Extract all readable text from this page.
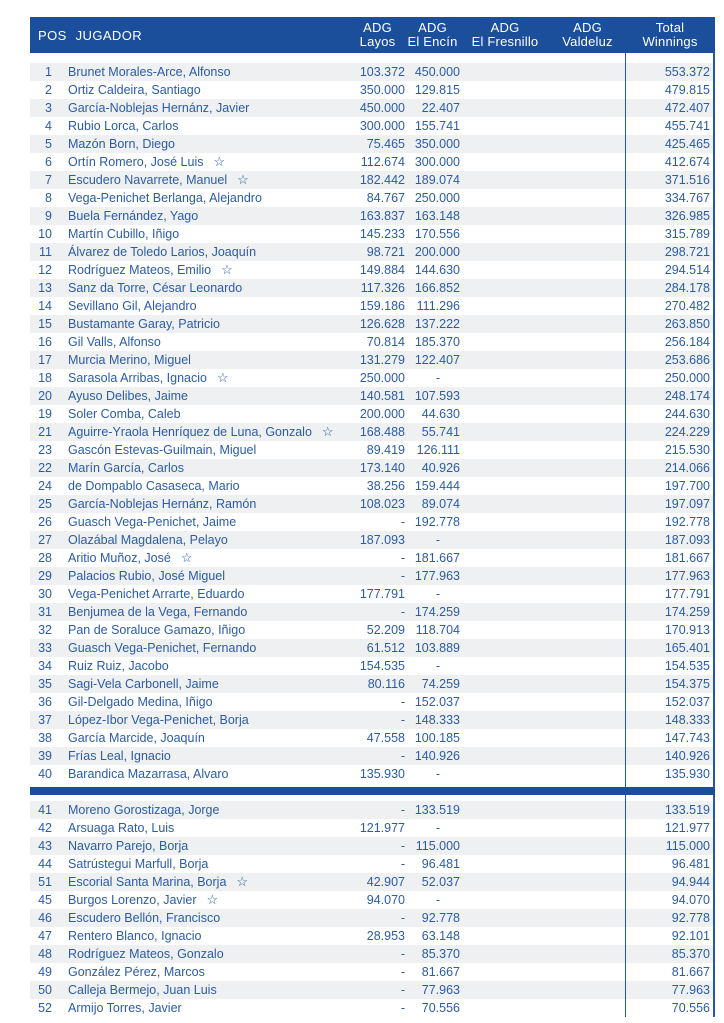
POS JUGADOR
ADG
Layos
ADG
El Encín
ADG
El Fresnillo
ADG
Valdeluz
Total
Winnings
1	Brunet Morales-Arce, Alfonso	103.372 450.000	553.372
2	Ortiz Caldeira, Santiago	350.000 129.815	479.815
3	García-Noblejas Hernánz, Javier	450.000	22.407	472.407
4	Rubio Lorca, Carlos	300.000 155.741	455.741
5	Mazón Born, Diego	75.465 350.000	425.465
6	Ortín Romero, José Luis ☆	112.674 300.000	412.674
7	Escudero Navarrete, Manuel ☆	182.442 189.074	371.516
8	Vega-Penichet Berlanga, Alejandro	84.767 250.000	334.767
9	Buela Fernández, Yago	163.837 163.148	326.985
10	Martín Cubillo, Iñigo	145.233 170.556	315.789
11	Álvarez de Toledo Larios, Joaquín	98.721 200.000	298.721
12	Rodríguez Mateos, Emilio ☆	149.884 144.630	294.514
13	Sanz da Torre, César Leonardo	117.326 166.852	284.178
14	Sevillano Gil, Alejandro	159.186 111.296	270.482
15	Bustamante Garay, Patricio	126.628 137.222	263.850
16	Gil Valls, Alfonso	70.814 185.370	256.184
17	Murcia Merino, Miguel	131.279 122.407	253.686
18	Sarasola Arribas, Ignacio ☆	250.000	-	250.000
20	Ayuso Delibes, Jaime	140.581 107.593	248.174
19	Soler Comba, Caleb	200.000	44.630	244.630
21	Aguirre-Yraola Henríquez de Luna, Gonzalo ☆	168.488	55.741	224.229
23	Gascón Estevas-Guilmain, Miguel	89.419 126.111	215.530
22	Marín García, Carlos	173.140	40.926	214.066
24	de Dompablo Casaseca, Mario	38.256 159.444	197.700
25	García-Noblejas Hernánz, Ramón	108.023	89.074	197.097
26	Guasch Vega-Penichet, Jaime	- 192.778	192.778
27	Olazábal Magdalena, Pelayo	187.093	-	187.093
28	Aritio Muñoz, José ☆	- 181.667	181.667
29	Palacios Rubio, José Miguel	- 177.963	177.963
30	Vega-Penichet Arrarte, Eduardo	177.791	-	177.791
31	Benjumea de la Vega, Fernando	- 174.259	174.259
32	Pan de Soraluce Gamazo, Iñigo	52.209 118.704	170.913
33	Guasch Vega-Penichet, Fernando	61.512 103.889	165.401
34	Ruiz Ruiz, Jacobo	154.535	-	154.535
35	Sagi-Vela Carbonell, Jaime	80.116	74.259	154.375
36	Gil-Delgado Medina, Iñigo	- 152.037	152.037
37	López-Ibor Vega-Penichet, Borja	- 148.333	148.333
38	García Marcide, Joaquín	47.558 100.185	147.743
39	Frías Leal, Ignacio	- 140.926	140.926
40	Barandica Mazarrasa, Alvaro	135.930	-	135.930
41	Moreno Gorostizaga, Jorge	- 133.519	133.519
42	Arsuaga Rato, Luis	121.977	-	121.977
43	Navarro Parejo, Borja	- 115.000	115.000
44	Satrústegui Marfull, Borja	-	96.481	96.481
51	Escorial Santa Marina, Borja ☆	42.907	52.037	94.944
45	Burgos Lorenzo, Javier ☆	94.070	-	94.070
46	Escudero Bellón, Francisco	-	92.778	92.778
47	Rentero Blanco, Ignacio	28.953	63.148	92.101
48	Rodríguez Mateos, Gonzalo	-	85.370	85.370
49	González Pérez, Marcos	-	81.667	81.667
50	Calleja Bermejo, Juan Luis	-	77.963	77.963
52	Armijo Torres, Javier	-	70.556	70.556
